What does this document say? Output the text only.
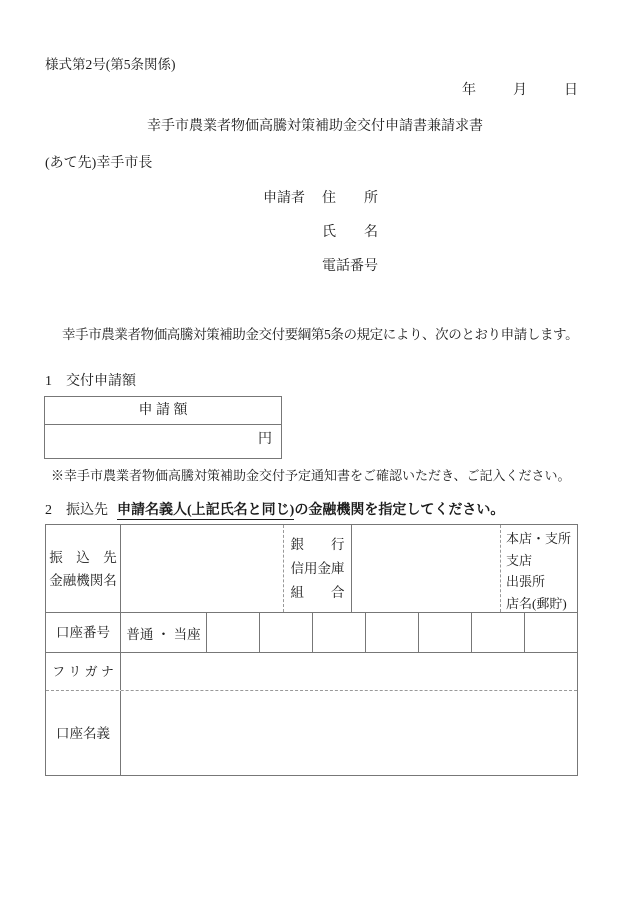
様式第2号(第5条関係)
年	月	日
幸手市農業者物価高騰対策補助金交付申請書兼請求書
(あて先)幸手市長
申請者 住　　所
氏　　名
電話番号
幸手市農業者物価高騰対策補助金交付要綱第5条の規定により、次のとおり申請します。
1　交付申請額
申 請 額
円
※幸手市農業者物価高騰対策補助金交付予定通知書をご確認いただき、ご記入ください。
2　振込先 申請名義人(上記氏名と同じ)の金融機関を指定してください。
振　込　先
金融機関名
銀　　行
信用金庫
組　　合
本店・支所
支店
出張所
店名(郵貯)
口座番号 普通 ・ 当座
フ リ ガ ナ
口座名義
